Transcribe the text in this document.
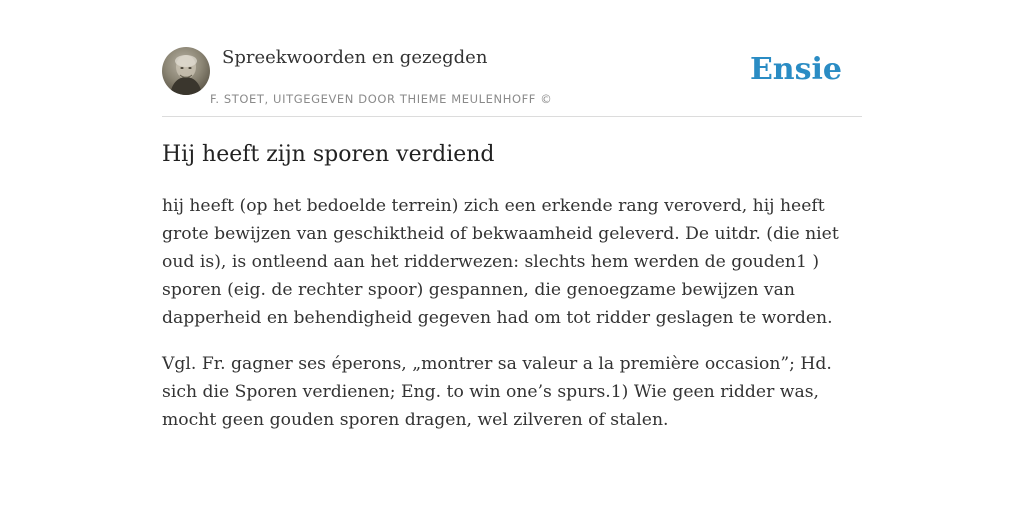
Spreekwoorden en gezegden
F. STOET, UITGEGEVEN DOOR THIEME MEULENHOFF ©
Ensie
Hij heeft zijn sporen verdiend

hij heeft (op het bedoelde terrein) zich een erkende rang veroverd, hij heeft grote bewijzen van geschiktheid of bekwaamheid geleverd. De uitdr. (die niet oud is), is ontleend aan het ridderwezen: slechts hem werden de gouden1 ) sporen (eig. de rechter spoor) gespannen, die genoegzame bewijzen van dapperheid en behendigheid gegeven had om tot ridder geslagen te worden.

Vgl. Fr. gagner ses éperons, „montrer sa valeur a la première occasion”; Hd. sich die Sporen verdienen; Eng. to win one’s spurs.1) Wie geen ridder was, mocht geen gouden sporen dragen, wel zilveren of stalen.
